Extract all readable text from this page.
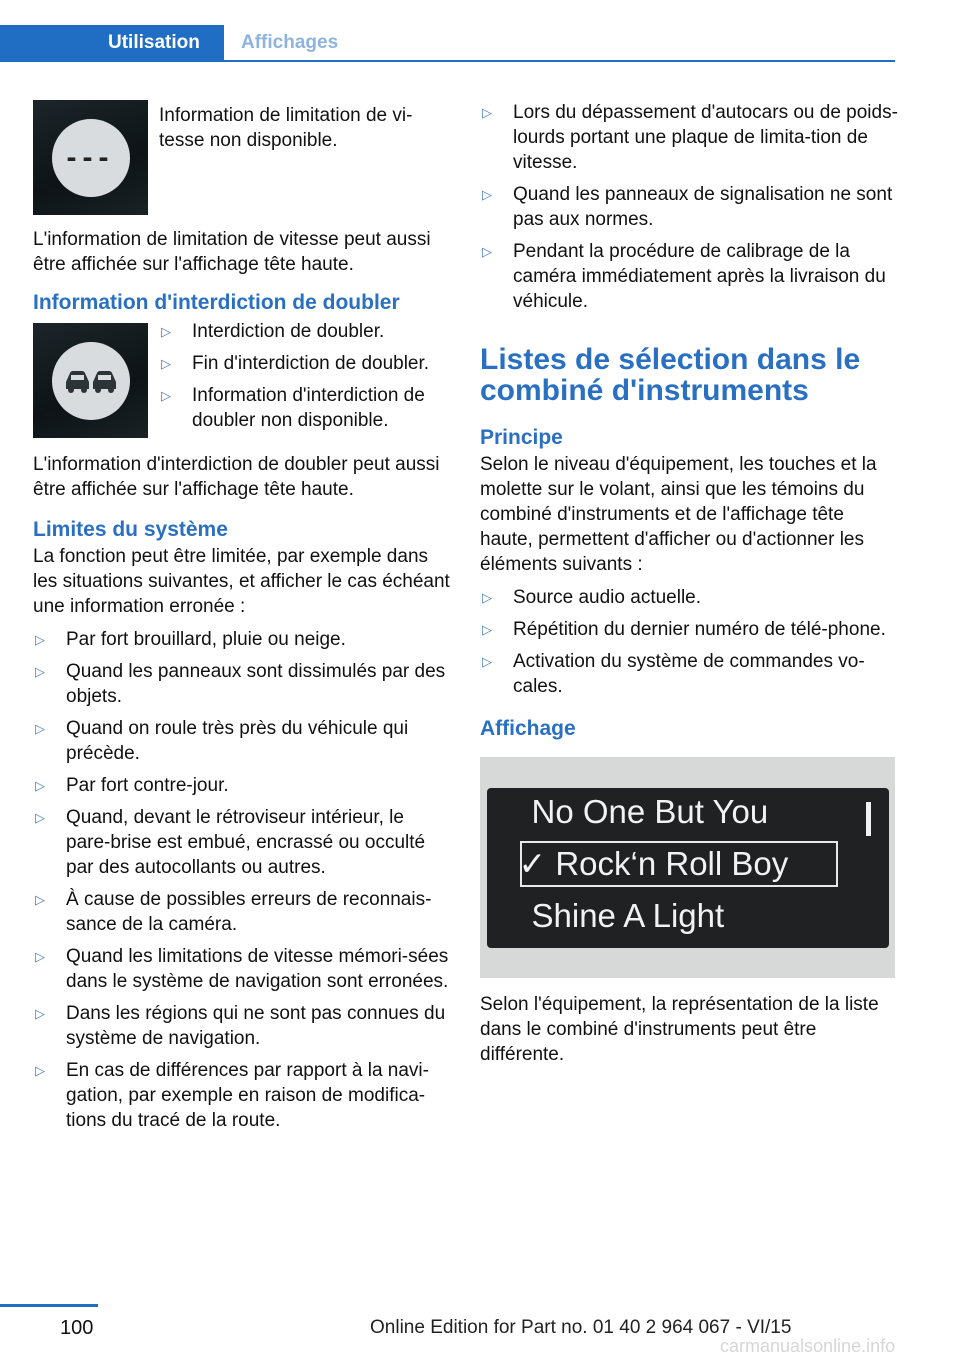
Utilisation	Affichages
---

Information de limitation de vi-
tesse non disponible.

L'information de limitation de vitesse peut aussi être affichée sur l'affichage tête haute.

Information d'interdiction de doubler
▷ Interdiction de doubler.
▷ Fin d'interdiction de doubler.
▷ Information d'interdiction de doubler non disponible.

L'information d'interdiction de doubler peut aussi être affichée sur l'affichage tête haute.

Limites du système

La fonction peut être limitée, par exemple dans les situations suivantes, et afficher le cas échéant une information erronée :

▷ Par fort brouillard, pluie ou neige.
▷ Quand les panneaux sont dissimulés par des objets.
▷ Quand on roule très près du véhicule qui précède.
▷ Par fort contre-jour.
▷ Quand, devant le rétroviseur intérieur, le pare-brise est embué, encrassé ou occulté par des autocollants ou autres.
▷ À cause de possibles erreurs de reconnais-sance de la caméra.
▷ Quand les limitations de vitesse mémori-sées dans le système de navigation sont erronées.
▷ Dans les régions qui ne sont pas connues du système de navigation.
▷ En cas de différences par rapport à la navi-gation, par exemple en raison de modifica-tions du tracé de la route.
▷ Lors du dépassement d'autocars ou de poids-lourds portant une plaque de limita-tion de vitesse.
▷ Quand les panneaux de signalisation ne sont pas aux normes.
▷ Pendant la procédure de calibrage de la caméra immédiatement après la livraison du véhicule.
Listes de sélection dans le combiné d'instruments
Principe

Selon le niveau d'équipement, les touches et la molette sur le volant, ainsi que les témoins du combiné d'instruments et de l'affichage tête haute, permettent d'afficher ou d'actionner les éléments suivants :

▷ Source audio actuelle.
▷ Répétition du dernier numéro de télé-phone.
▷ Activation du système de commandes vo-cales.
Affichage
No One But You
✓ Rock‘n Roll Boy
Shine A Light

Selon l'équipement, la représentation de la liste dans le combiné d'instruments peut être différente.

100	Online Edition for Part no. 01 40 2 964 067 - VI/15
carmanualsonline.info
